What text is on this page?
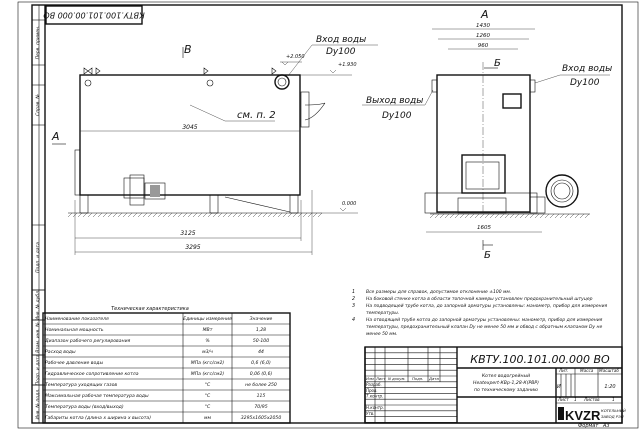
Перв. примен.
Справ. №
Подп. и дата
Инв. № дубл.
Взам. инв. №
Подп. и дата
Инв. № подл.
КВТУ.100.101.00.000 ВО
В
Вход воды
Dy100
+2.050
+1.930
см. п. 2
3045
А
0.000
3125
3295
А
1430
1260
960
Б
Выход воды
Dy100
Вход воды
Dy100
1605
Б
1 Все размеры для справок, допустимое отклонение ±100 мм.
2 На боковой стенке котла в области топочной камеры установлен предохранительный штуцер
3 На подводящей трубе котла, до запорной арматуры установлены: манометр, прибор для измерения
температуры.
4 На отводящей трубе котла до запорной арматуры установлены: манометр, прибор для измерения
температуры, предохранительный клапан Dy не менее 50 мм и обвод с обратным клапаном Dy не
менее 50 мм.
Техническая характеристика
Наименование показателя	Единицы измерения	Значение
Номинальная мощность	МВт	1,28
Диапазон рабочего регулирования	%	50-100
Расход воды	м3/ч	44
Рабочее давление воды	МПа (кгс/см2)	0,6 (6,0)
Гидравлическое сопротивление котла	МПа (кгс/см2)	0,06 (0,6)
Температура уходящих газов	°С	не более 250
Максимальная рабочая температура воды	°С	115
Температура воды (вход/выход)	°С	70/95
Габариты котла (длина x ширина x высота)	мм	3295x1605x2050
КВТУ.100.101.00.000 ВО
Изм Лист N докум. Подп. Дата
Разраб.
Пров.
Т.контр.
Н.контр.
Утв.
Котел водогрейный
Heatexpert-КВр-1,28-К(РВР)
по техническому заданию
Лит.	Масса Масштаб
И	1:20
Лист 1 Листов	1
KVZR КОТЕЛЬНЫЙ
ЗАВОД РЭП
Формат А3
